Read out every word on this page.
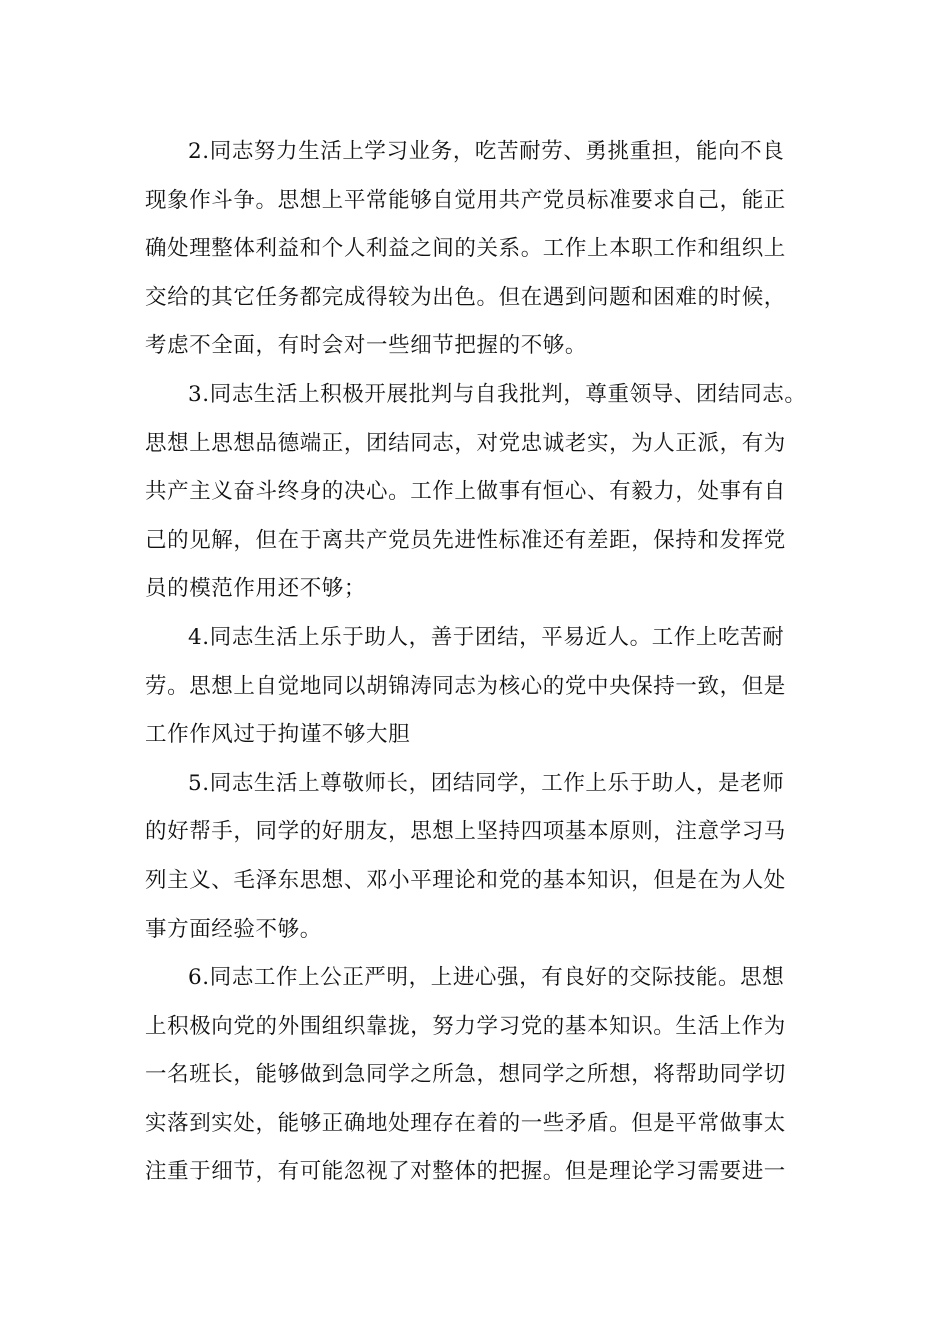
2.同志努力生活上学习业务，吃苦耐劳、勇挑重担，能向不良
现象作斗争。思想上平常能够自觉用共产党员标准要求自己，能正
确处理整体利益和个人利益之间的关系。工作上本职工作和组织上
交给的其它任务都完成得较为出色。但在遇到问题和困难的时候，
考虑不全面，有时会对一些细节把握的不够。

3.同志生活上积极开展批判与自我批判，尊重领导、团结同志。
思想上思想品德端正，团结同志，对党忠诚老实，为人正派，有为
共产主义奋斗终身的决心。工作上做事有恒心、有毅力，处事有自
己的见解，但在于离共产党员先进性标准还有差距，保持和发挥党
员的模范作用还不够；

4.同志生活上乐于助人，善于团结，平易近人。工作上吃苦耐
劳。思想上自觉地同以胡锦涛同志为核心的党中央保持一致，但是
工作作风过于拘谨不够大胆

5.同志生活上尊敬师长，团结同学，工作上乐于助人，是老师
的好帮手，同学的好朋友，思想上坚持四项基本原则，注意学习马
列主义、毛泽东思想、邓小平理论和党的基本知识，但是在为人处
事方面经验不够。

6.同志工作上公正严明，上进心强，有良好的交际技能。思想
上积极向党的外围组织靠拢，努力学习党的基本知识。生活上作为
一名班长，能够做到急同学之所急，想同学之所想，将帮助同学切
实落到实处，能够正确地处理存在着的一些矛盾。但是平常做事太
注重于细节，有可能忽视了对整体的把握。但是理论学习需要进一
